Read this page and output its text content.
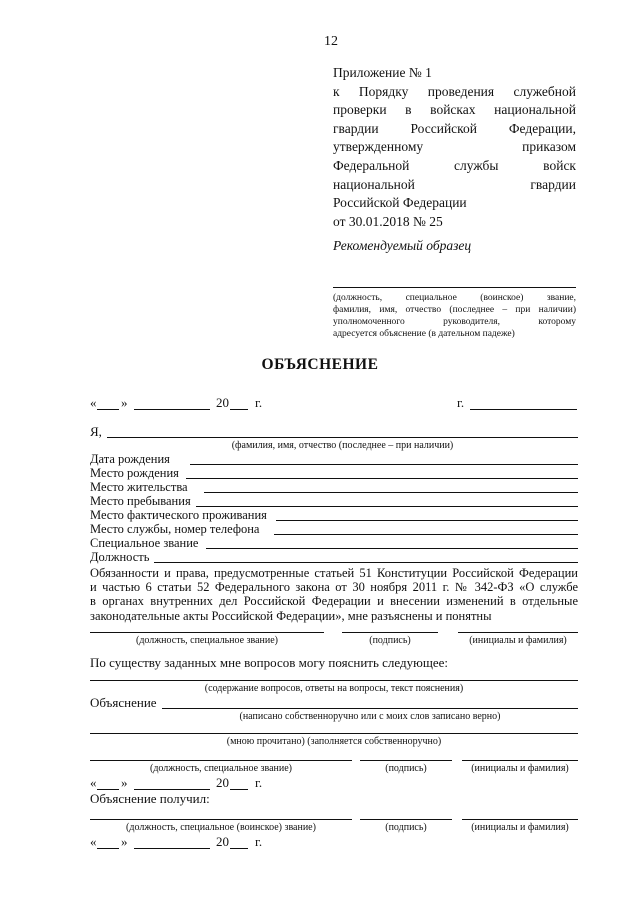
12
Приложение № 1
к Порядку проведения служебной
проверки в войсках национальной
гвардии Российской Федерации,
утвержденному приказом
Федеральной службы войск
национальной гвардии
Российской Федерации
от 30.01.2018 № 25
Рекомендуемый образец
(должность, специальное (воинское) звание,
фамилия, имя, отчество (последнее – при наличии)
уполномоченного руководителя, которому
адресуется объяснение (в дательном падеже)
ОБЪЯСНЕНИЕ
« »	20 г.	г.
Я,
(фамилия, имя, отчество (последнее – при наличии)
Дата рождения
Место рождения
Место жительства
Место пребывания
Место фактического проживания
Место службы, номер телефона
Специальное звание
Должность
Обязанности и права, предусмотренные статьей 51 Конституции Российской Федерации
и частью 6 статьи 52 Федерального закона от 30 ноября 2011 г. № 342-ФЗ «О службе
в органах внутренних дел Российской Федерации и внесении изменений в отдельные
законодательные акты Российской Федерации», мне разъяснены и понятны
(должность, специальное звание)	(подпись)	(инициалы и фамилия)
По существу заданных мне вопросов могу пояснить следующее:
(содержание вопросов, ответы на вопросы, текст пояснения)
Объяснение
(написано собственноручно или с моих слов записано верно)
(мною прочитано) (заполняется собственноручно)
(должность, специальное звание)	(подпись)	(инициалы и фамилия)
« »	20 г.
Объяснение получил:
(должность, специальное (воинское) звание)	(подпись)	(инициалы и фамилия)
« »	20 г.
